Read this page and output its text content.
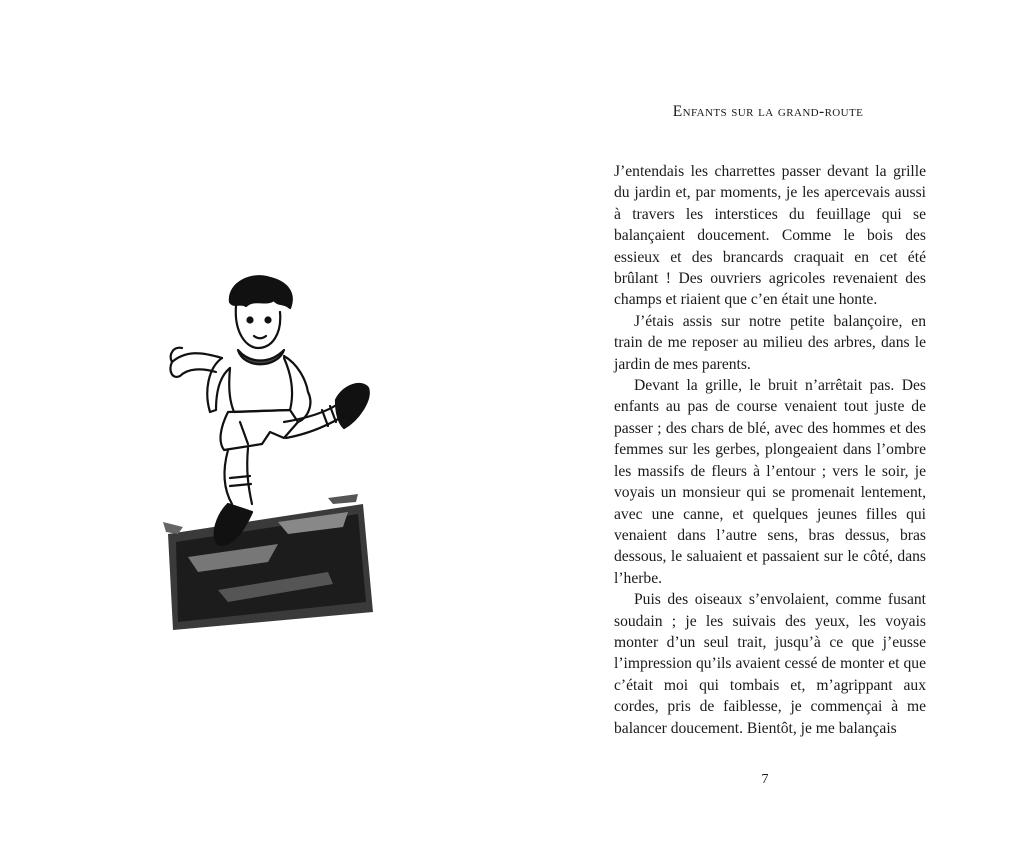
Enfants sur la grand-route

J’entendais les charrettes passer devant la grille du jardin et, par moments, je les apercevais aussi à travers les interstices du feuillage qui se balançaient doucement. Comme le bois des essieux et des brancards craquait en cet été brûlant ! Des ouvriers agricoles revenaient des champs et riaient que c’en était une honte.

J’étais assis sur notre petite balançoire, en train de me reposer au milieu des arbres, dans le jardin de mes parents.

Devant la grille, le bruit n’arrêtait pas. Des enfants au pas de course venaient tout juste de passer ; des chars de blé, avec des hommes et des femmes sur les gerbes, plongeaient dans l’ombre les massifs de fleurs à l’entour ; vers le soir, je voyais un monsieur qui se promenait lentement, avec une canne, et quelques jeunes filles qui venaient dans l’autre sens, bras dessus, bras dessous, le saluaient et passaient sur le côté, dans l’herbe.

Puis des oiseaux s’envolaient, comme fusant soudain ; je les suivais des yeux, les voyais monter d’un seul trait, jusqu’à ce que j’eusse l’impression qu’ils avaient cessé de monter et que c’était moi qui tombais et, m’agrippant aux cordes, pris de faiblesse, je commençai à me balancer doucement. Bientôt, je me balançais

7
